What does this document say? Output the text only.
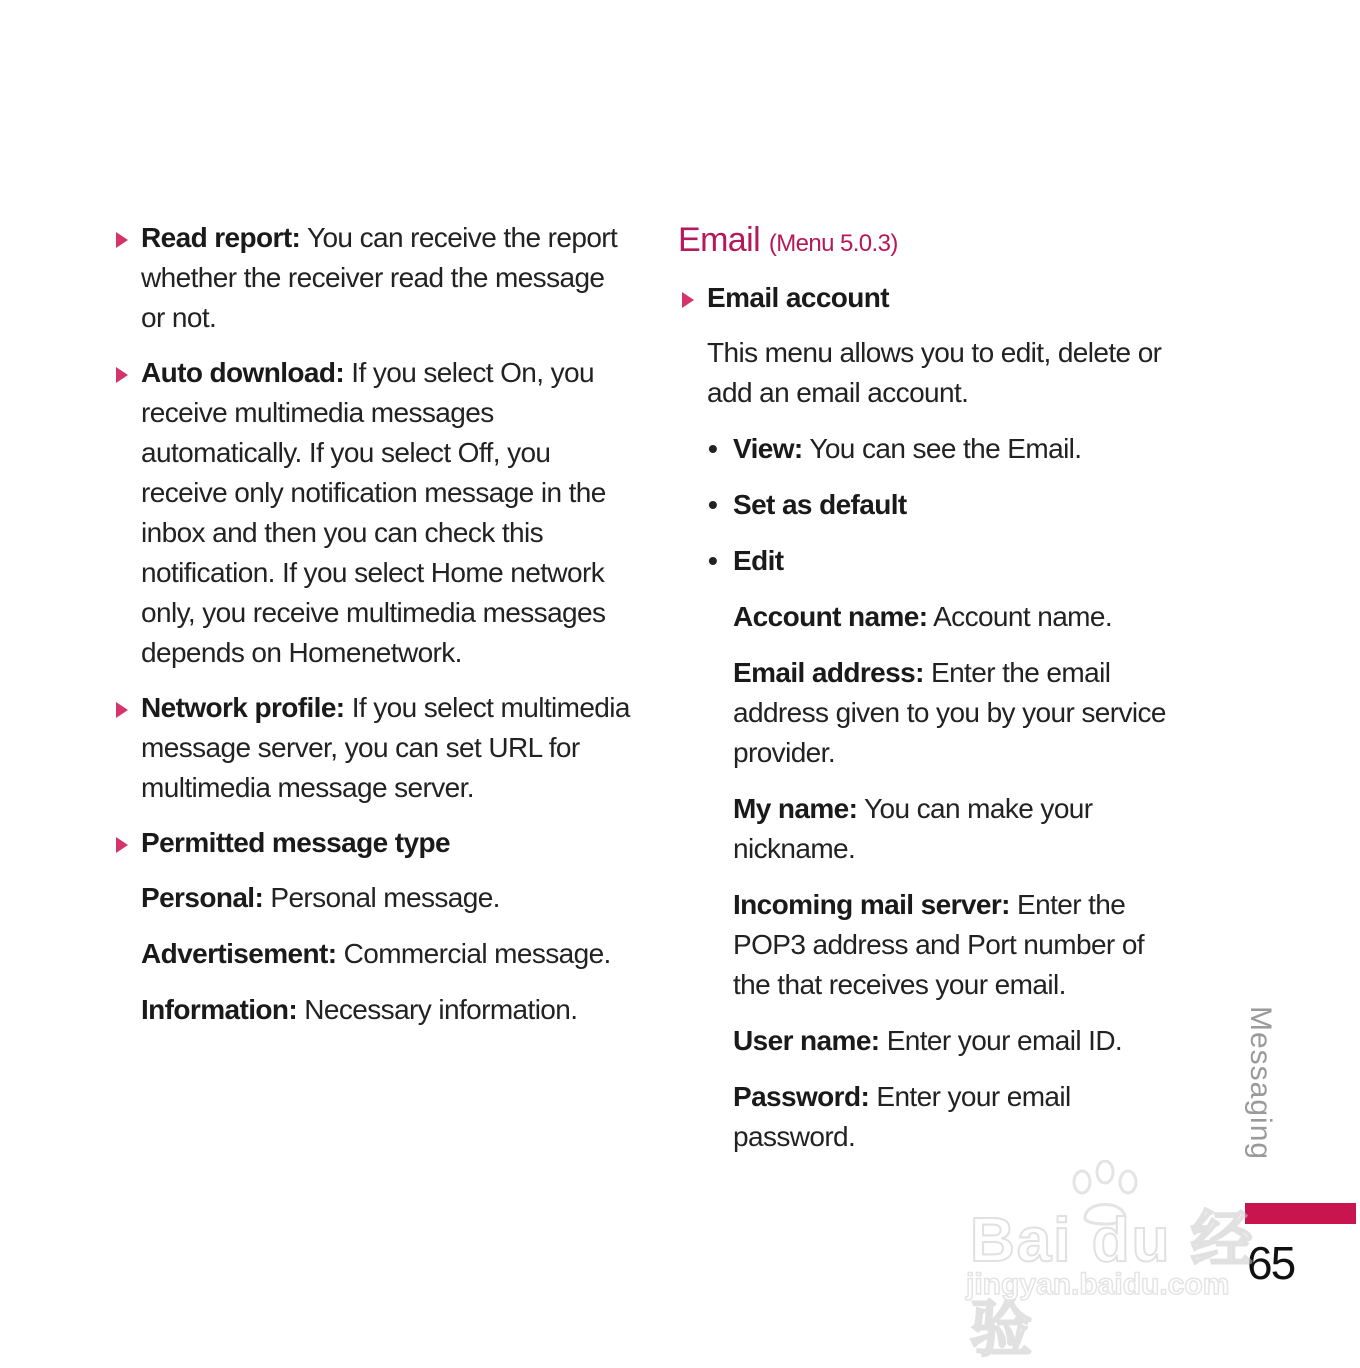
Read report: You can receive the report whether the receiver read the message or not.
Auto download: If you select On, you receive multimedia messages automatically. If you select Off, you receive only notification message in the inbox and then you can check this notification. If you select Home network only, you receive multimedia messages depends on Homenetwork.
Network profile: If you select multimedia message server, you can set URL for multimedia message server.
Permitted message type
Personal: Personal message.
Advertisement: Commercial message.
Information: Necessary information.
Email (Menu 5.0.3)
Email account
This menu allows you to edit, delete or add an email account.
• View: You can see the Email.
• Set as default
• Edit
Account name: Account name.
Email address: Enter the email address given to you by your service provider.
My name: You can make your nickname.
Incoming mail server: Enter the POP3 address and Port number of the that receives your email.
User name: Enter your email ID.
Password: Enter your email password.	Messaging
65
Bai du 经验
jingyan.baidu.com
